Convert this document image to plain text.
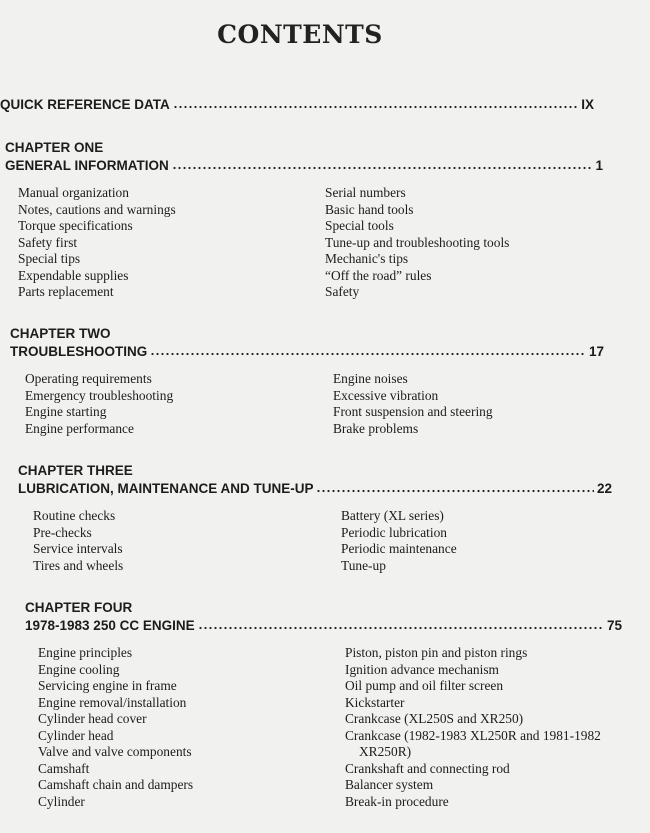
CONTENTS
QUICK REFERENCE DATA	IX
CHAPTER ONE
GENERAL INFORMATION	1
Manual organization
Notes, cautions and warnings
Torque specifications
Safety first
Special tips
Expendable supplies
Parts replacement
Serial numbers
Basic hand tools
Special tools
Tune-up and troubleshooting tools
Mechanic's tips
“Off the road” rules
Safety
CHAPTER TWO
TROUBLESHOOTING	17
Operating requirements
Emergency troubleshooting
Engine starting
Engine performance
Engine noises
Excessive vibration
Front suspension and steering
Brake problems
CHAPTER THREE
LUBRICATION, MAINTENANCE AND TUNE-UP	22
Routine checks
Pre-checks
Service intervals
Tires and wheels
Battery (XL series)
Periodic lubrication
Periodic maintenance
Tune-up
CHAPTER FOUR
1978-1983 250 CC ENGINE	75
Engine principles
Engine cooling
Servicing engine in frame
Engine removal/installation
Cylinder head cover
Cylinder head
Valve and valve components
Camshaft
Camshaft chain and dampers
Cylinder
Piston, piston pin and piston rings
Ignition advance mechanism
Oil pump and oil filter screen
Kickstarter
Crankcase (XL250S and XR250)
Crankcase (1982-1983 XL250R and 1981-1982
XR250R)
Crankshaft and connecting rod
Balancer system
Break-in procedure
